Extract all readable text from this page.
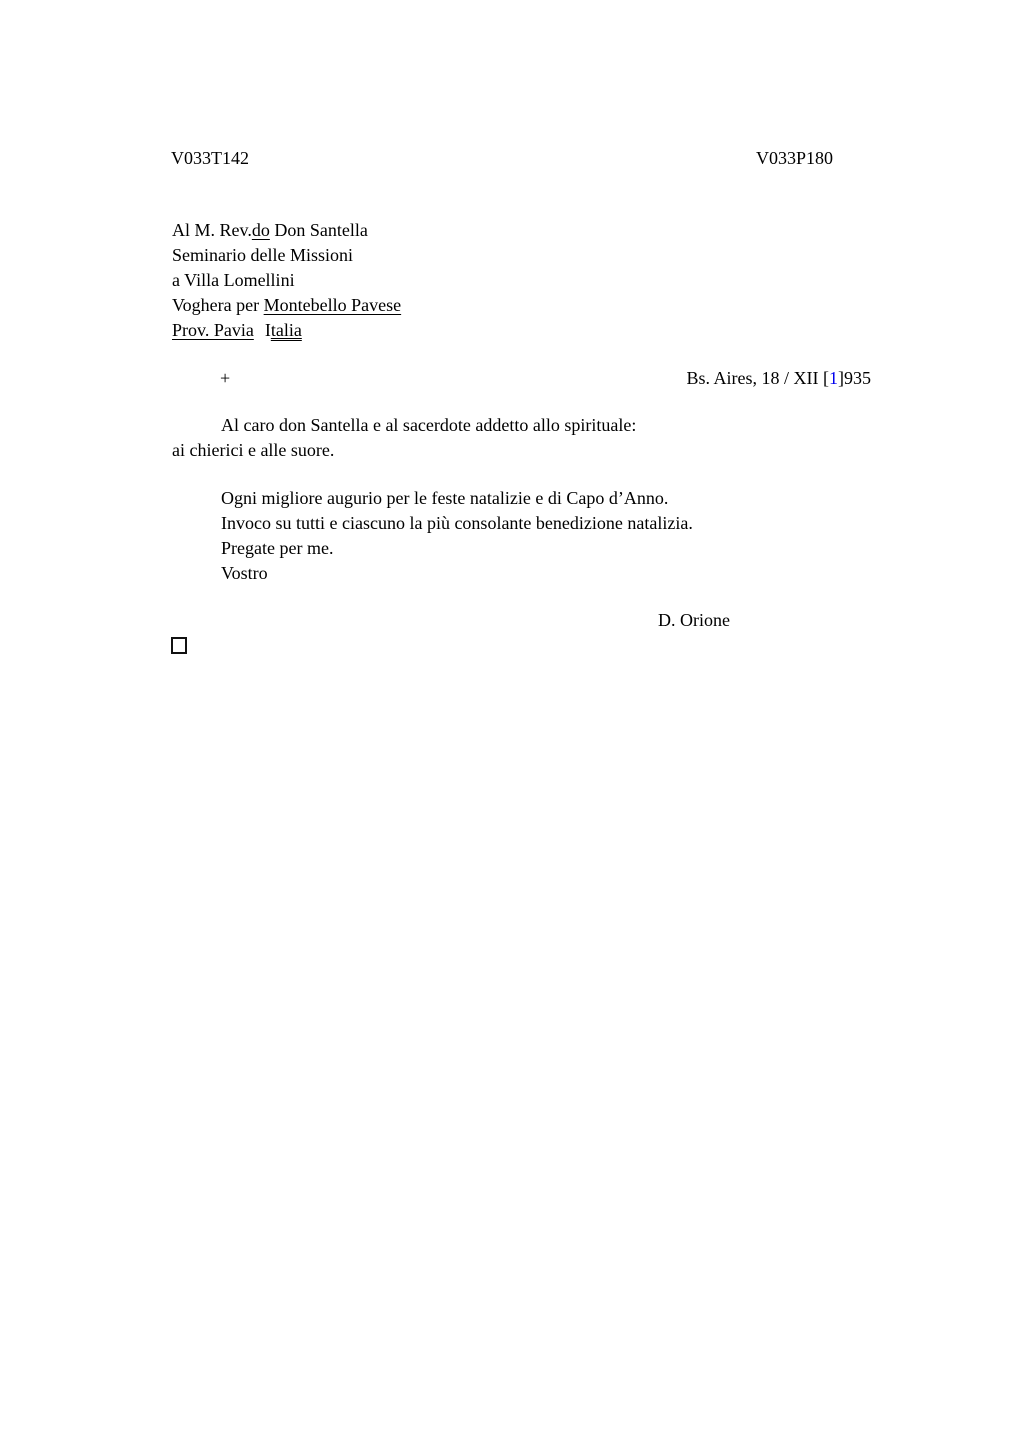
V033T142	V033P180
Al M. Rev.do Don Santella
Seminario delle Missioni
a Villa Lomellini
Voghera per Montebello Pavese
Prov. Pavia Italia
+	Bs. Aires, 18 / XII [1]935
Al caro don Santella e al sacerdote addetto allo spirituale:
ai chierici e alle suore.
Ogni migliore augurio per le feste natalizie e di Capo d’Anno.
Invoco su tutti e ciascuno la più consolante benedizione natalizia.
Pregate per me.
Vostro
D. Orione
